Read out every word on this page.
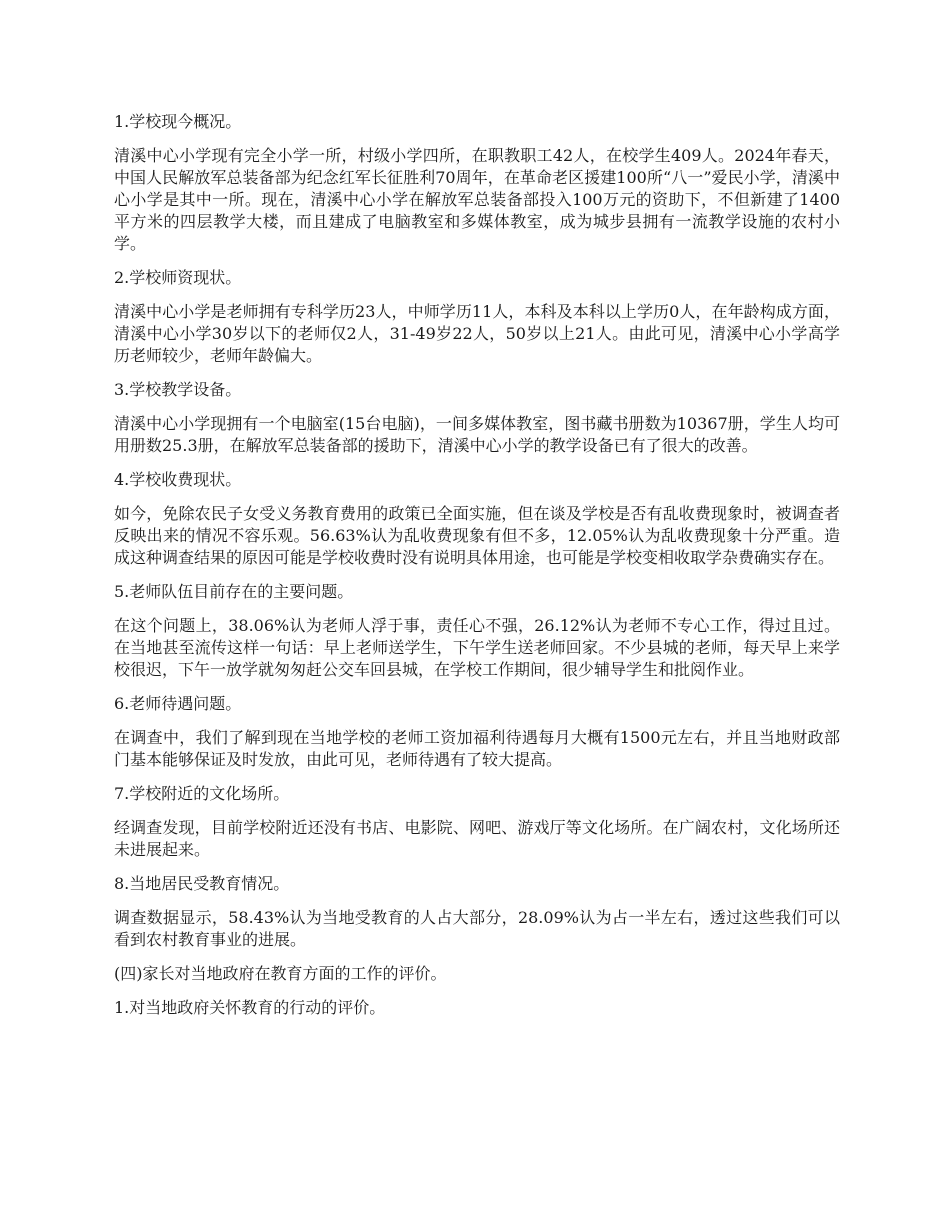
1.学校现今概况。

清溪中心小学现有完全小学一所，村级小学四所，在职教职工42人，在校学生409人。2024年春天，中国人民解放军总装备部为纪念红军长征胜利70周年，在革命老区援建100所“八一”爱民小学，清溪中心小学是其中一所。现在，清溪中心小学在解放军总装备部投入100万元的资助下，不但新建了1400平方米的四层教学大楼，而且建成了电脑教室和多媒体教室，成为城步县拥有一流教学设施的农村小学。

2.学校师资现状。

清溪中心小学是老师拥有专科学历23人，中师学历11人，本科及本科以上学历0人，在年龄构成方面，清溪中心小学30岁以下的老师仅2人，31-49岁22人，50岁以上21人。由此可见，清溪中心小学高学历老师较少，老师年龄偏大。

3.学校教学设备。

清溪中心小学现拥有一个电脑室(15台电脑)，一间多媒体教室，图书藏书册数为10367册，学生人均可用册数25.3册，在解放军总装备部的援助下，清溪中心小学的教学设备已有了很大的改善。

4.学校收费现状。

如今，免除农民子女受义务教育费用的政策已全面实施，但在谈及学校是否有乱收费现象时，被调查者反映出来的情况不容乐观。56.63%认为乱收费现象有但不多，12.05%认为乱收费现象十分严重。造成这种调查结果的原因可能是学校收费时没有说明具体用途，也可能是学校变相收取学杂费确实存在。

5.老师队伍目前存在的主要问题。

在这个问题上，38.06%认为老师人浮于事，责任心不强，26.12%认为老师不专心工作，得过且过。在当地甚至流传这样一句话：早上老师送学生，下午学生送老师回家。不少县城的老师，每天早上来学校很迟，下午一放学就匆匆赶公交车回县城，在学校工作期间，很少辅导学生和批阅作业。

6.老师待遇问题。

在调查中，我们了解到现在当地学校的老师工资加福利待遇每月大概有1500元左右，并且当地财政部门基本能够保证及时发放，由此可见，老师待遇有了较大提高。

7.学校附近的文化场所。

经调查发现，目前学校附近还没有书店、电影院、网吧、游戏厅等文化场所。在广阔农村，文化场所还未进展起来。

8.当地居民受教育情况。

调查数据显示，58.43%认为当地受教育的人占大部分，28.09%认为占一半左右，透过这些我们可以看到农村教育事业的进展。

(四)家长对当地政府在教育方面的工作的评价。

1.对当地政府关怀教育的行动的评价。
